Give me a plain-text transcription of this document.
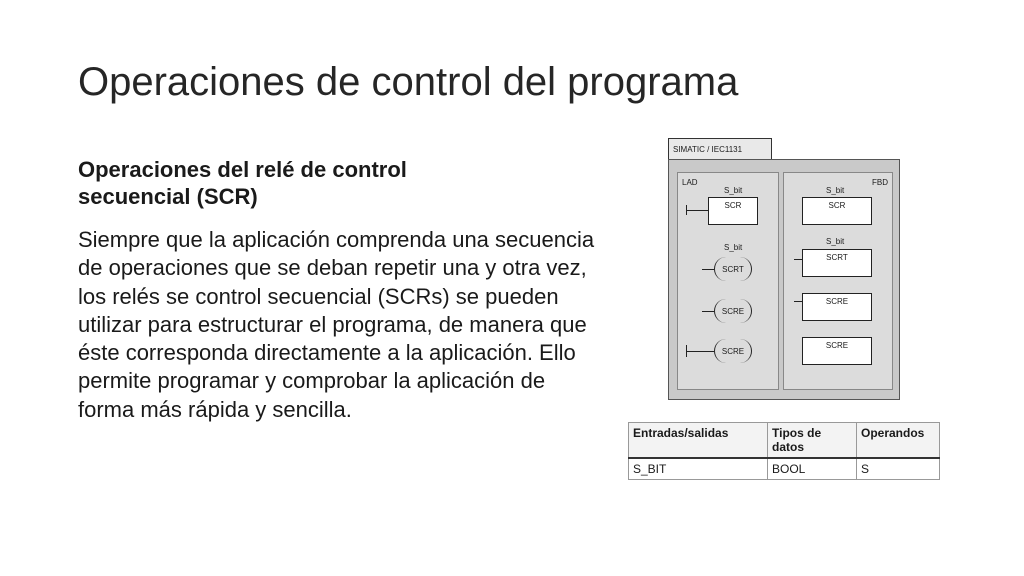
Operaciones de control del programa
Operaciones del relé de control secuencial (SCR)
Siempre que la aplicación comprenda una secuencia de operaciones que se deban repetir una y otra vez, los relés se control secuencial (SCRs) se pueden utilizar para estructurar el programa, de manera que éste corresponda directamente a la aplicación. Ello permite programar y comprobar la aplicación de forma más rápida y sencilla.
SIMATIC / IEC1131
LAD
S_bit
SCR
S_bit
SCRT
SCRE
SCRE
FBD
S_bit
SCR
S_bit
SCRT
SCRE
SCRE
Entradas/salidas	Tipos de datos	Operandos
S_BIT	BOOL	S
